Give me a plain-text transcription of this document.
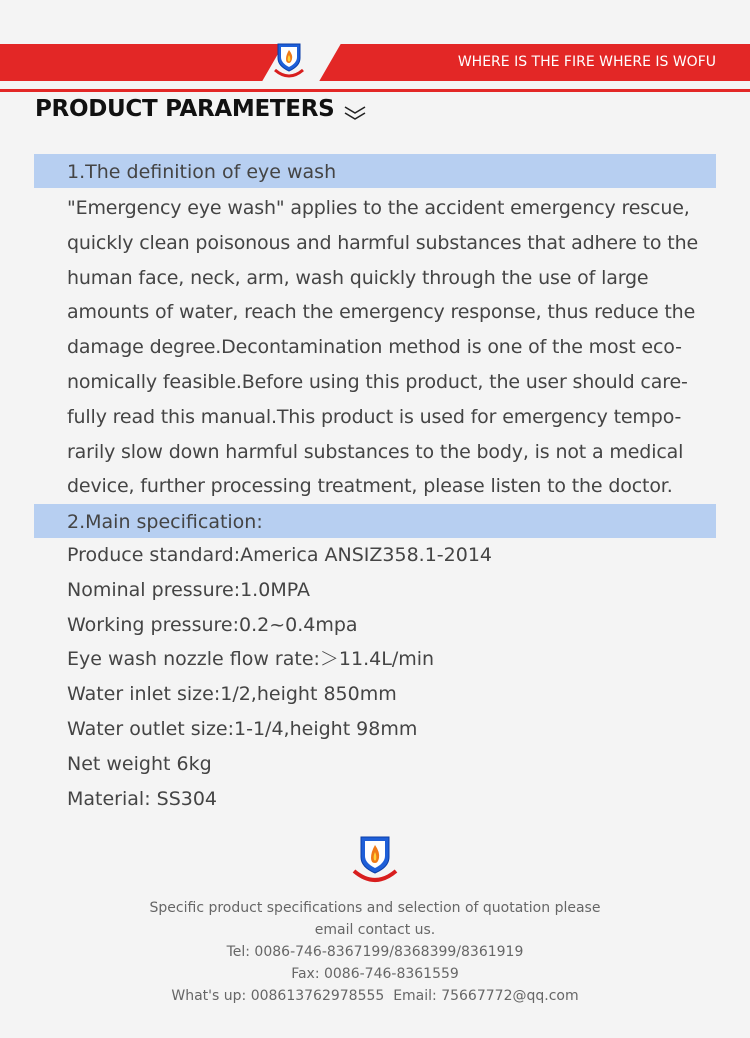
WHERE IS THE FIRE WHERE IS WOFU
PRODUCT PARAMETERS
1.The definition of eye wash
"Emergency eye wash" applies to the accident emergency rescue,
quickly clean poisonous and harmful substances that adhere to the
human face, neck, arm, wash quickly through the use of large
amounts of water, reach the emergency response, thus reduce the
damage degree.Decontamination method is one of the most eco-
nomically feasible.Before using this product, the user should care-
fully read this manual.This product is used for emergency tempo-
rarily slow down harmful substances to the body, is not a medical
device, further processing treatment, please listen to the doctor.
2.Main specification:
Produce standard:America ANSIZ358.1-2014
Nominal pressure:1.0MPA
Working pressure:0.2~0.4mpa
Eye wash nozzle flow rate:＞11.4L/min
Water inlet size:1/2,height 850mm
Water outlet size:1-1/4,height 98mm
Net weight 6kg
Material: SS304
Specific product specifications and selection of quotation please
email contact us.
Tel: 0086-746-8367199/8368399/8361919
Fax: 0086-746-8361559
What's up: 008613762978555  Email: 75667772@qq.com
